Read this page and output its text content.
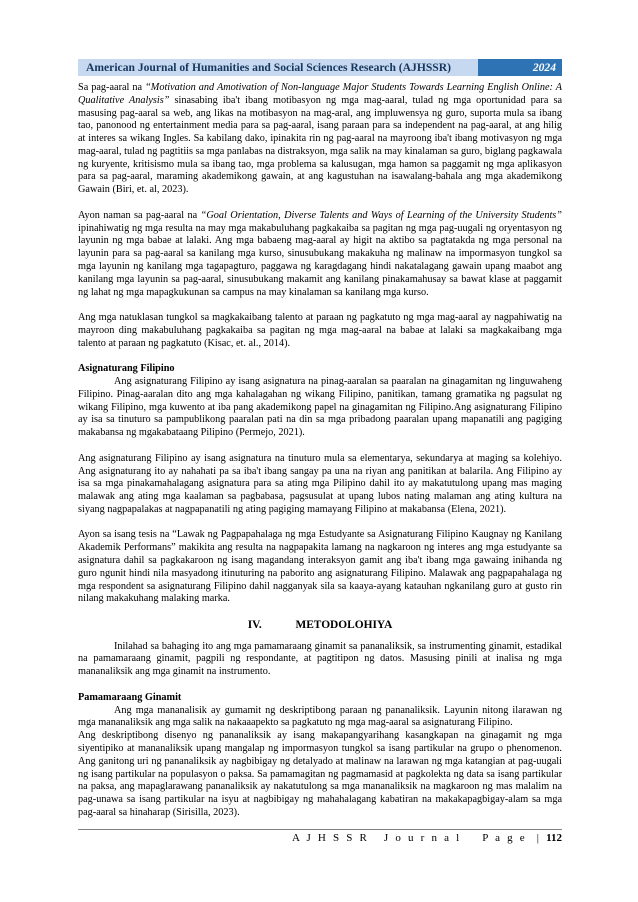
American Journal of Humanities and Social Sciences Research (AJHSSR)	2024

Sa pag-aaral na “Motivation and Amotivation of Non-language Major Students Towards Learning English Online: A Qualitative Analysis” sinasabing iba't ibang motibasyon ng mga mag-aaral, tulad ng mga oportunidad para sa masusing pag-aaral sa web, ang likas na motibasyon na mag-aral, ang impluwensya ng guro, suporta mula sa ibang tao, panonood ng entertainment media para sa pag-aaral, isang paraan para sa independent na pag-aaral, at ang hilig at interes sa wikang Ingles. Sa kabilang dako, ipinakita rin ng pag-aaral na mayroong iba't ibang motivasyon ng mga mag-aaral, tulad ng pagtitiis sa mga panlabas na distraksyon, mga salik na may kinalaman sa guro, biglang pagkawala ng kuryente, kritisismo mula sa ibang tao, mga problema sa kalusugan, mga hamon sa paggamit ng mga aplikasyon para sa pag-aaral, maraming akademikong gawain, at ang kagustuhan na isawalang-bahala ang mga akademikong Gawain (Biri, et. al, 2023).

Ayon naman sa pag-aaral na “Goal Orientation, Diverse Talents and Ways of Learning of the University Students” ipinahiwatig ng mga resulta na may mga makabuluhang pagkakaiba sa pagitan ng mga pag-uugali ng oryentasyon ng layunin ng mga babae at lalaki. Ang mga babaeng mag-aaral ay higit na aktibo sa pagtatakda ng mga personal na layunin para sa pag-aaral sa kanilang mga kurso, sinusubukang makakuha ng malinaw na impormasyon tungkol sa mga layunin ng kanilang mga tagapagturo, paggawa ng karagdagang hindi nakatalagang gawain upang maabot ang kanilang mga layunin sa pag-aaral, sinusubukang makamit ang kanilang pinakamahusay sa bawat klase at paggamit ng lahat ng mga mapagkukunan sa campus na may kinalaman sa kanilang mga kurso.

Ang mga natuklasan tungkol sa magkakaibang talento at paraan ng pagkatuto ng mga mag-aaral ay nagpahiwatig na mayroon ding makabuluhang pagkakaiba sa pagitan ng mga mag-aaral na babae at lalaki sa magkakaibang mga talento at paraan ng pagkatuto (Kisac, et. al., 2014).

Asignaturang Filipino

Ang asignaturang Filipino ay isang asignatura na pinag-aaralan sa paaralan na ginagamitan ng linguwaheng Filipino. Pinag-aaralan dito ang mga kahalagahan ng wikang Filipino, panitikan, tamang gramatika ng pagsulat ng wikang Filipino, mga kuwento at iba pang akademikong papel na ginagamitan ng Filipino.Ang asignaturang Filipino ay isa sa tinuturo sa pampublikong paaralan pati na din sa mga pribadong paaralan upang mapanatili ang pagiging makabansa ng mgakabataang Pilipino (Permejo, 2021).

Ang asignaturang Filipino ay isang asignatura na tinuturo mula sa elementarya, sekundarya at maging sa kolehiyo. Ang asignaturang ito ay nahahati pa sa iba't ibang sangay pa una na riyan ang panitikan at balarila. Ang Filipino ay isa sa mga pinakamahalagang asignatura para sa ating mga Pilipino dahil ito ay makatutulong upang mas maging malawak ang ating mga kaalaman sa pagbabasa, pagsusulat at upang lubos nating malaman ang ating kultura na siyang nagpapalakas at nagpapanatili ng ating pagiging mamayang Filipino at makabansa (Elena, 2021).

Ayon sa isang tesis na “Lawak ng Pagpapahalaga ng mga Estudyante sa Asignaturang Filipino Kaugnay ng Kanilang Akademik Performans” makikita ang resulta na nagpapakita lamang na nagkaroon ng interes ang mga estudyante sa asignatura dahil sa pagkakaroon ng isang magandang interaksyon gamit ang iba't ibang mga gawaing inihanda ng guro ngunit hindi nila masyadong itinuturing na paborito ang asignaturang Filipino. Malawak ang pagpapahalaga ng mga respondent sa asignaturang Filipino dahil nagganyak sila sa kaaya-ayang katauhan ngkanilang guro at gusto rin nilang makakuhang malaking marka.

IV.	METODOLOHIYA

Inilahad sa bahaging ito ang mga pamamaraang ginamit sa pananaliksik, sa instrumenting ginamit, estadikal na pamamaraang ginamit, pagpili ng respondante, at pagtitipon ng datos. Masusing pinili at inalisa ng mga mananaliksik ang mga ginamit na instrumento.

Pamamaraang Ginamit

Ang mga mananalisik ay gumamit ng deskriptibong paraan ng pananaliksik. Layunin nitong ilarawan ng mga mananaliksik ang mga salik na nakaaapekto sa pagkatuto ng mga mag-aaral sa asignaturang Filipino.

Ang deskriptibong disenyo ng pananaliksik ay isang makapangyarihang kasangkapan na ginagamit ng mga siyentipiko at mananaliksik upang mangalap ng impormasyon tungkol sa isang partikular na grupo o phenomenon. Ang ganitong uri ng pananaliksik ay nagbibigay ng detalyado at malinaw na larawan ng mga katangian at pag-uugali ng isang partikular na populasyon o paksa. Sa pamamagitan ng pagmamasid at pagkolekta ng data sa isang partikular na paksa, ang mapaglarawang pananaliksik ay nakatutulong sa mga mananaliksik na magkaroon ng mas malalim na pag-unawa sa isang partikular na isyu at nagbibigay ng mahahalagang kabatiran na makakapagbigay-alam sa mga pag-aaral sa hinaharap (Sirisilla, 2023).

A J H S S R   J o u r n a l P a g e  | 112
